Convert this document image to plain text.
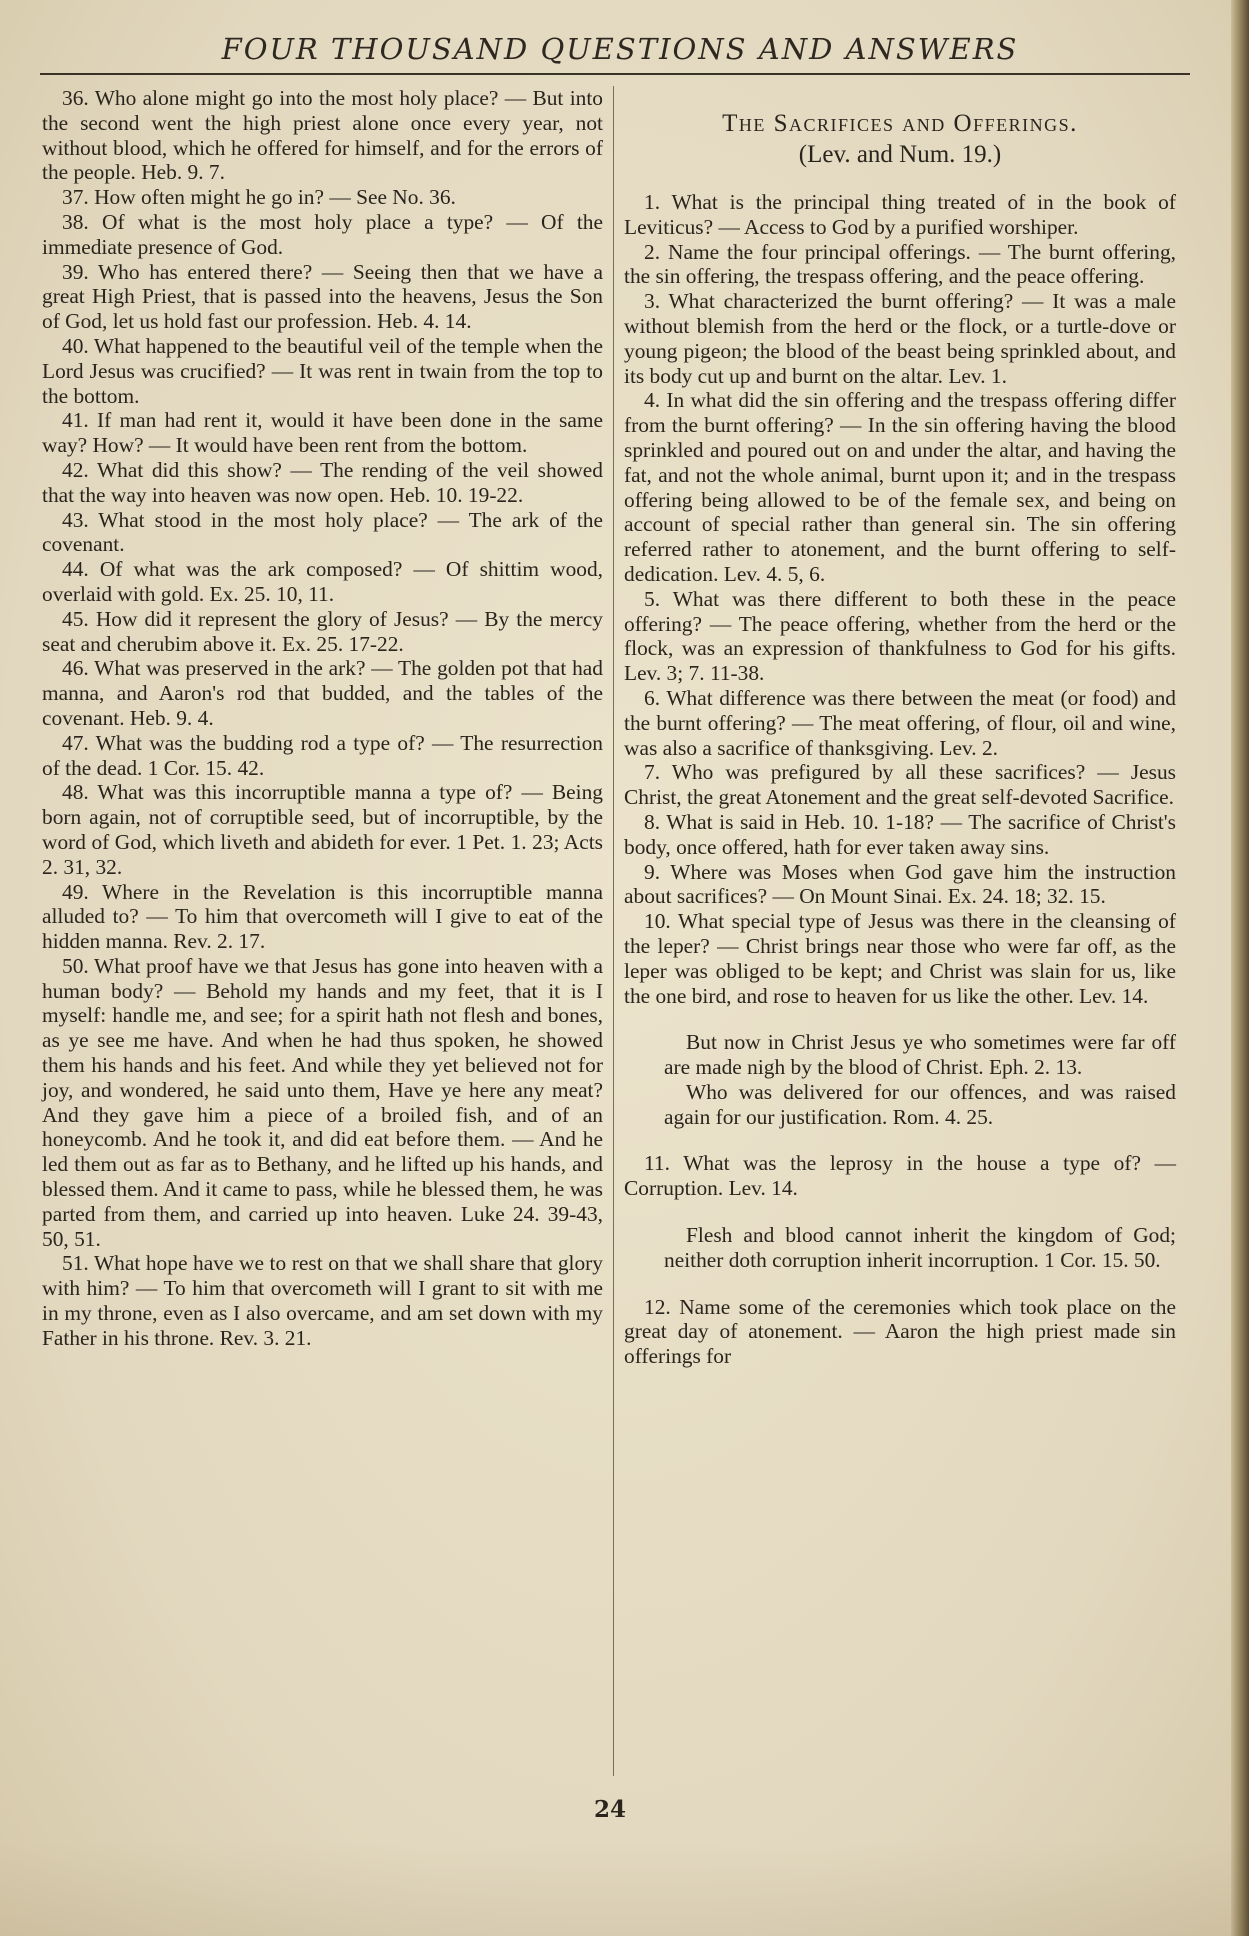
FOUR THOUSAND QUESTIONS AND ANSWERS

36. Who alone might go into the most holy place? — But into the second went the high priest alone once every year, not without blood, which he offered for himself, and for the errors of the people. Heb. 9. 7.

37. How often might he go in? — See No. 36.

38. Of what is the most holy place a type? — Of the immediate presence of God.

39. Who has entered there? — Seeing then that we have a great High Priest, that is passed into the heavens, Jesus the Son of God, let us hold fast our profession. Heb. 4. 14.

40. What happened to the beautiful veil of the temple when the Lord Jesus was crucified? — It was rent in twain from the top to the bottom.

41. If man had rent it, would it have been done in the same way? How? — It would have been rent from the bottom.

42. What did this show? — The rending of the veil showed that the way into heaven was now open. Heb. 10. 19-22.

43. What stood in the most holy place? — The ark of the covenant.

44. Of what was the ark composed? — Of shittim wood, overlaid with gold. Ex. 25. 10, 11.

45. How did it represent the glory of Jesus? — By the mercy seat and cherubim above it. Ex. 25. 17-22.

46. What was preserved in the ark? — The golden pot that had manna, and Aaron's rod that budded, and the tables of the covenant. Heb. 9. 4.

47. What was the budding rod a type of? — The resurrection of the dead. 1 Cor. 15. 42.

48. What was this incorruptible manna a type of? — Being born again, not of corruptible seed, but of incorruptible, by the word of God, which liveth and abideth for ever. 1 Pet. 1. 23; Acts 2. 31, 32.

49. Where in the Revelation is this incorruptible manna alluded to? — To him that overcometh will I give to eat of the hidden manna. Rev. 2. 17.

50. What proof have we that Jesus has gone into heaven with a human body? — Behold my hands and my feet, that it is I myself: handle me, and see; for a spirit hath not flesh and bones, as ye see me have. And when he had thus spoken, he showed them his hands and his feet. And while they yet believed not for joy, and wondered, he said unto them, Have ye here any meat? And they gave him a piece of a broiled fish, and of an honeycomb. And he took it, and did eat before them. — And he led them out as far as to Bethany, and he lifted up his hands, and blessed them. And it came to pass, while he blessed them, he was parted from them, and carried up into heaven. Luke 24. 39-43, 50, 51.

51. What hope have we to rest on that we shall share that glory with him? — To him that overcometh will I grant to sit with me in my throne, even as I also overcame, and am set down with my Father in his throne. Rev. 3. 21.

The Sacrifices and Offerings.
(Lev. and Num. 19.)

1. What is the principal thing treated of in the book of Leviticus? — Access to God by a purified worshiper.

2. Name the four principal offerings. — The burnt offering, the sin offering, the trespass offering, and the peace offering.

3. What characterized the burnt offering? — It was a male without blemish from the herd or the flock, or a turtle-dove or young pigeon; the blood of the beast being sprinkled about, and its body cut up and burnt on the altar. Lev. 1.

4. In what did the sin offering and the trespass offering differ from the burnt offering? — In the sin offering having the blood sprinkled and poured out on and under the altar, and having the fat, and not the whole animal, burnt upon it; and in the trespass offering being allowed to be of the female sex, and being on account of special rather than general sin. The sin offering referred rather to atonement, and the burnt offering to self-dedication. Lev. 4. 5, 6.

5. What was there different to both these in the peace offering? — The peace offering, whether from the herd or the flock, was an expression of thankfulness to God for his gifts. Lev. 3; 7. 11-38.

6. What difference was there between the meat (or food) and the burnt offering? — The meat offering, of flour, oil and wine, was also a sacrifice of thanksgiving. Lev. 2.

7. Who was prefigured by all these sacrifices? — Jesus Christ, the great Atonement and the great self-devoted Sacrifice.

8. What is said in Heb. 10. 1-18? — The sacrifice of Christ's body, once offered, hath for ever taken away sins.

9. Where was Moses when God gave him the instruction about sacrifices? — On Mount Sinai. Ex. 24. 18; 32. 15.

10. What special type of Jesus was there in the cleansing of the leper? — Christ brings near those who were far off, as the leper was obliged to be kept; and Christ was slain for us, like the one bird, and rose to heaven for us like the other. Lev. 14.

But now in Christ Jesus ye who sometimes were far off are made nigh by the blood of Christ. Eph. 2. 13.

Who was delivered for our offences, and was raised again for our justification. Rom. 4. 25.

11. What was the leprosy in the house a type of? — Corruption. Lev. 14.

Flesh and blood cannot inherit the kingdom of God; neither doth corruption inherit incorruption. 1 Cor. 15. 50.

12. Name some of the ceremonies which took place on the great day of atonement. — Aaron the high priest made sin offerings for

24
